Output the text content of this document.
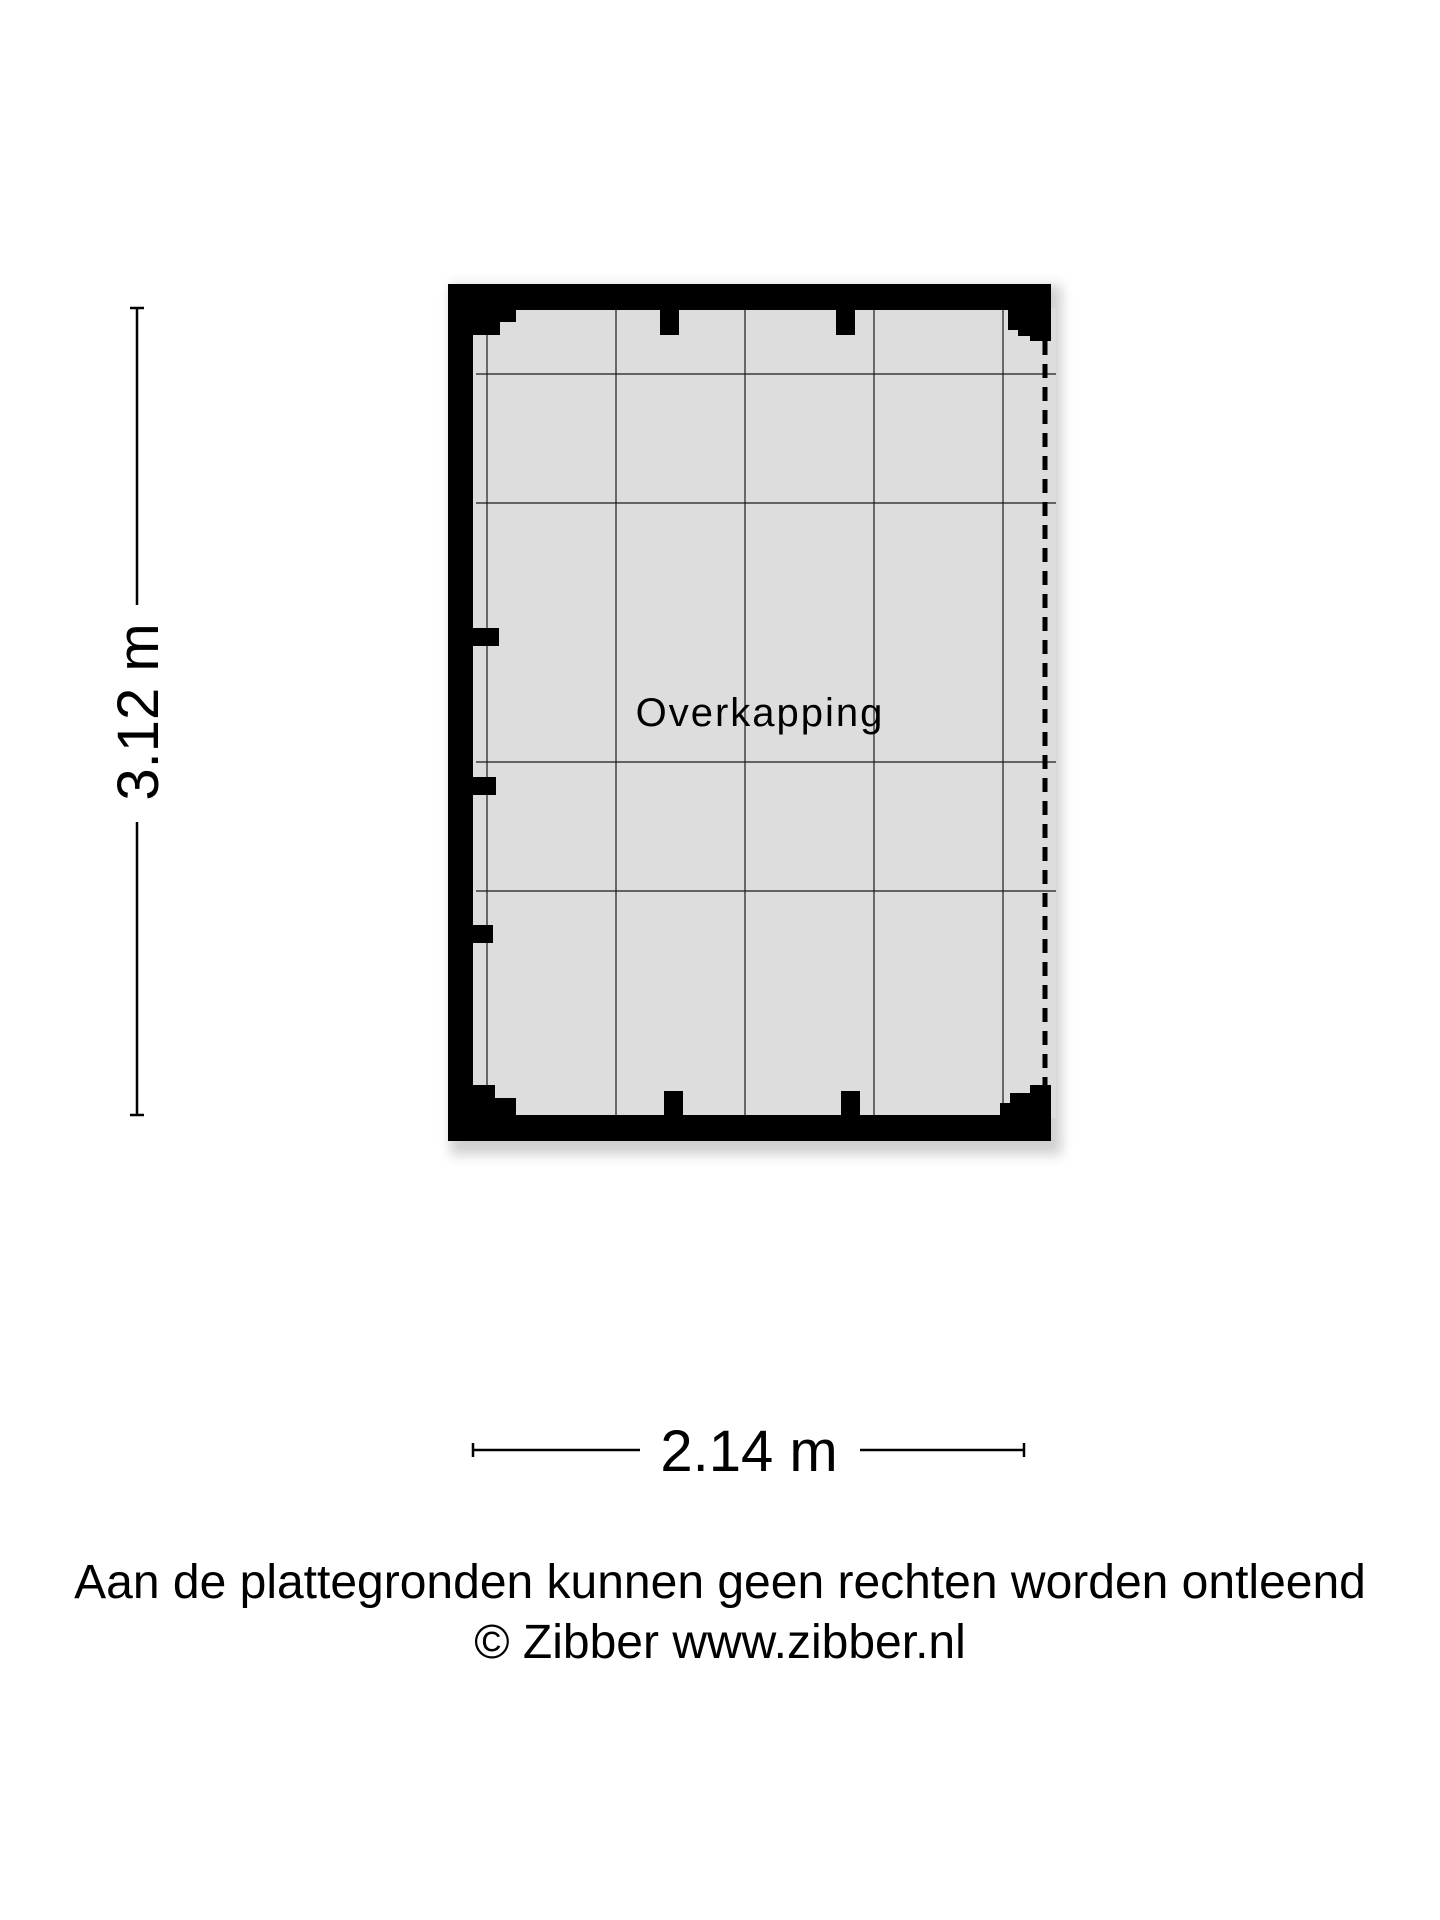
Overkapping
3.12 m
2.14 m
Aan de plattegronden kunnen geen rechten worden ontleend
© Zibber www.zibber.nl
